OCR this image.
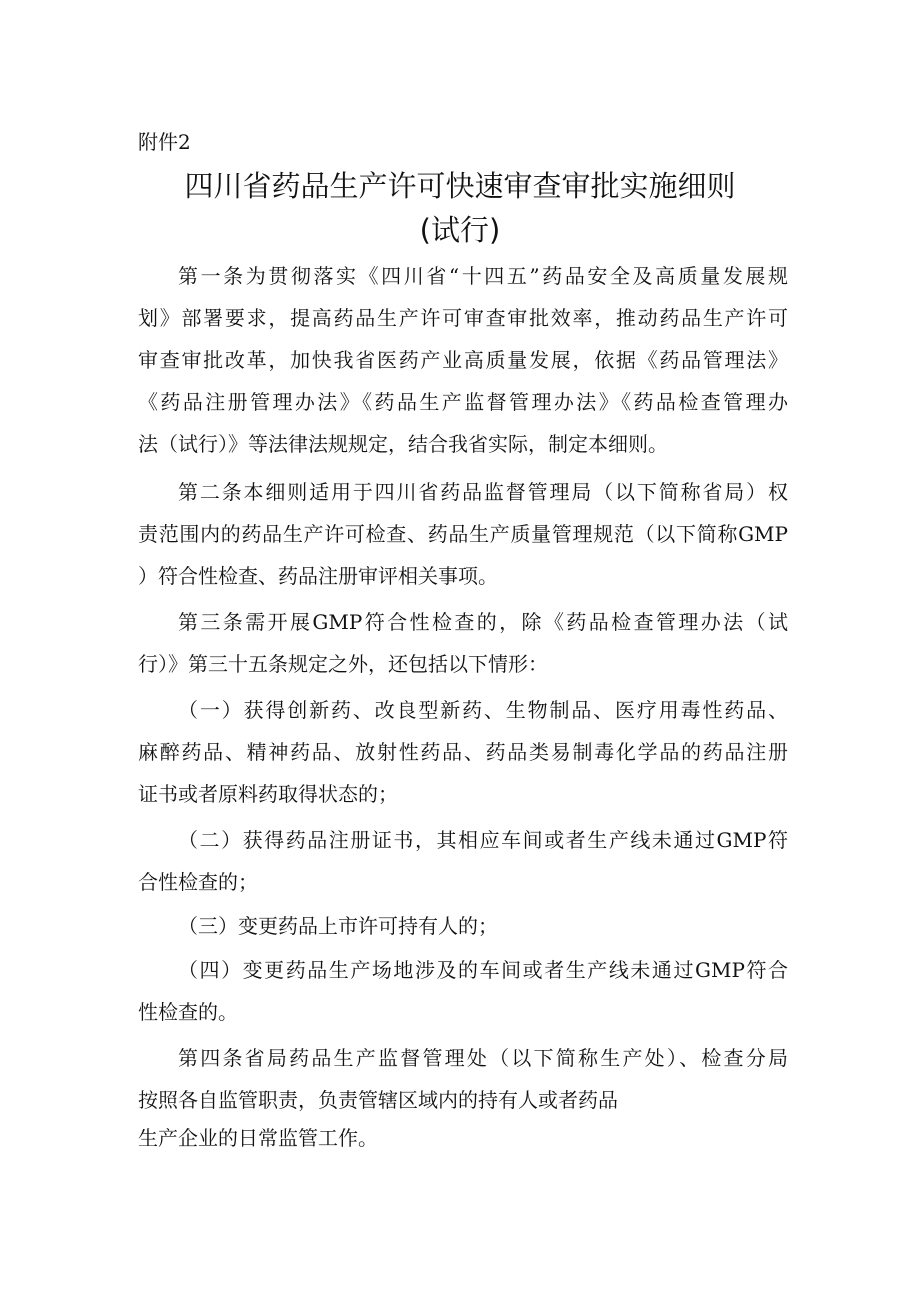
附件2
四川省药品生产许可快速审查审批实施细则
(试行)
第一条为贯彻落实《四川省“十四五”药品安全及高质量发展规
划》部署要求，提高药品生产许可审查审批效率，推动药品生产许可
审查审批改革，加快我省医药产业高质量发展，依据《药品管理法》
《药品注册管理办法》《药品生产监督管理办法》《药品检查管理办
法（试行）》等法律法规规定，结合我省实际，制定本细则。
第二条本细则适用于四川省药品监督管理局（以下简称省局）权
责范围内的药品生产许可检查、药品生产质量管理规范（以下简称GMP
）符合性检查、药品注册审评相关事项。
第三条需开展GMP符合性检查的，除《药品检查管理办法（试
行）》第三十五条规定之外，还包括以下情形：
（一）获得创新药、改良型新药、生物制品、医疗用毒性药品、
麻醉药品、精神药品、放射性药品、药品类易制毒化学品的药品注册
证书或者原料药取得状态的；
（二）获得药品注册证书，其相应车间或者生产线未通过GMP符
合性检查的；
（三）变更药品上市许可持有人的；
（四）变更药品生产场地涉及的车间或者生产线未通过GMP符合
性检查的。
第四条省局药品生产监督管理处（以下简称生产处）、检查分局
按照各自监管职责，负责管辖区域内的持有人或者药品
生产企业的日常监管工作。
